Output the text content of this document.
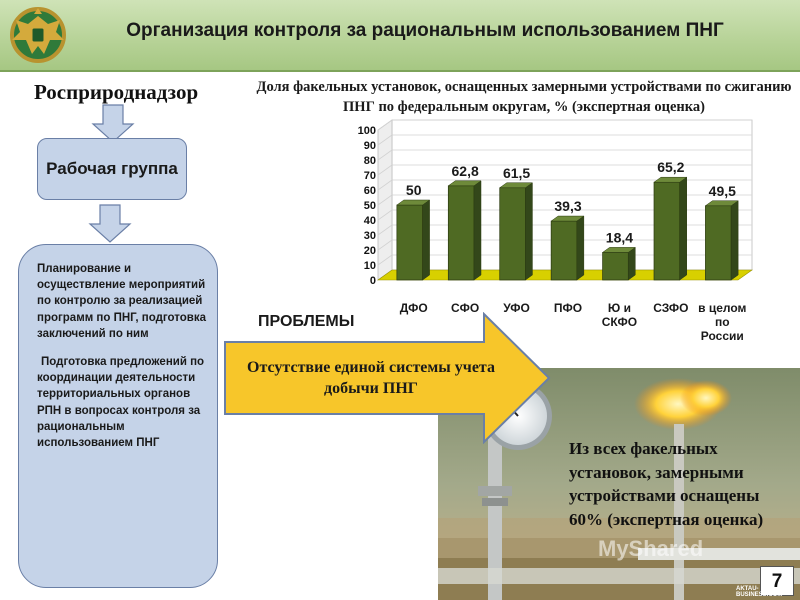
Организация контроля за рациональным использованием ПНГ
Росприроднадзор
Рабочая группа

Планирование и осуществление мероприятий по контролю за реализацией программ по ПНГ, подготовка заключений по ним

Подготовка предложений по координации деятельности территориальных органов РПН в вопросах контроля за рациональным использованием ПНГ

Доля факельных установок, оснащенных замерными устройствами по сжиганию ПНГ по федеральным округам, % (экспертная оценка)
0
10
20
30
40
50
60
70
80
90
100
50
62,8 61,5
39,3
18,4
65,2
49,5
ДФО СФО УФО ПФО	Ю и СКФО
СЗФО в целом по России
ПРОБЛЕМЫ
Отсутствие единой системы учета добычи ПНГ
Из всех факельных установок, замерными устройствами оснащены 60% (экспертная оценка)
MyShared
7
AKTAU-BUSINESS.COM
